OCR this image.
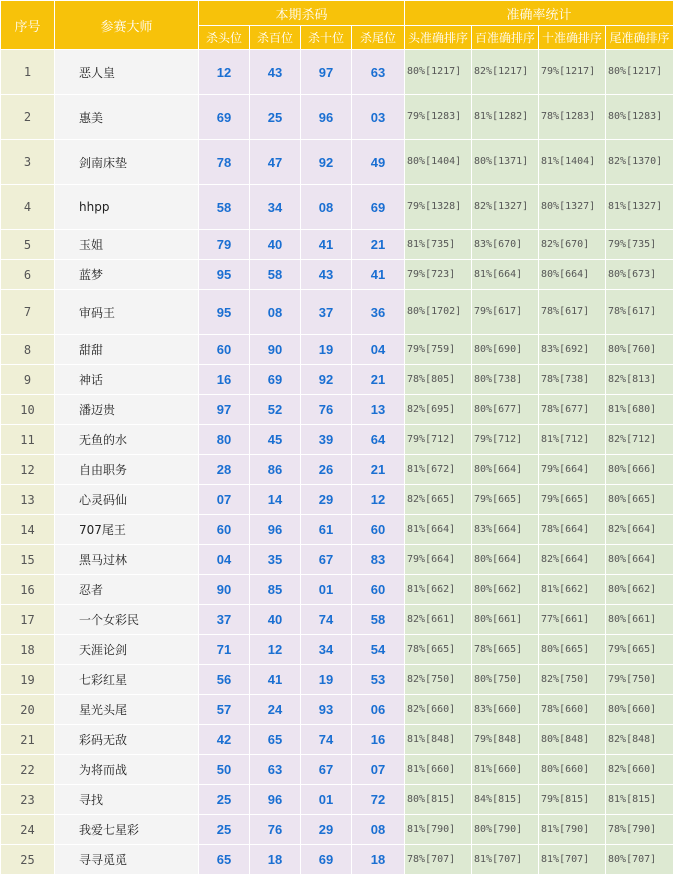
序号	参赛大师	本期杀码				准确率统计			
		杀头位	杀百位	杀十位	杀尾位	头准确排序	百准确排序	十准确排序	尾准确排序
1	恶人皇	12	43	97	63	80%[1217]	82%[1217]	79%[1217]	80%[1217]
2	惠美	69	25	96	03	79%[1283]	81%[1282]	78%[1283]	80%[1283]
3	剑南床垫	78	47	92	49	80%[1404]	80%[1371]	81%[1404]	82%[1370]
4	hhpp	58	34	08	69	79%[1328]	82%[1327]	80%[1327]	81%[1327]
5	玉姐	79	40	41	21	81%[735]	83%[670]	82%[670]	79%[735]
6	蓝梦	95	58	43	41	79%[723]	81%[664]	80%[664]	80%[673]
7	审码王	95	08	37	36	80%[1702]	79%[617]	78%[617]	78%[617]
8	甜甜	60	90	19	04	79%[759]	80%[690]	83%[692]	80%[760]
9	神话	16	69	92	21	78%[805]	80%[738]	78%[738]	82%[813]
10	潘迈贵	97	52	76	13	82%[695]	80%[677]	78%[677]	81%[680]
11	无鱼的水	80	45	39	64	79%[712]	79%[712]	81%[712]	82%[712]
12	自由职务	28	86	26	21	81%[672]	80%[664]	79%[664]	80%[666]
13	心灵码仙	07	14	29	12	82%[665]	79%[665]	79%[665]	80%[665]
14	707尾王	60	96	61	60	81%[664]	83%[664]	78%[664]	82%[664]
15	黑马过林	04	35	67	83	79%[664]	80%[664]	82%[664]	80%[664]
16	忍者	90	85	01	60	81%[662]	80%[662]	81%[662]	80%[662]
17	一个女彩民	37	40	74	58	82%[661]	80%[661]	77%[661]	80%[661]
18	天涯论剑	71	12	34	54	78%[665]	78%[665]	80%[665]	79%[665]
19	七彩红星	56	41	19	53	82%[750]	80%[750]	82%[750]	79%[750]
20	星光头尾	57	24	93	06	82%[660]	83%[660]	78%[660]	80%[660]
21	彩码无敌	42	65	74	16	81%[848]	79%[848]	80%[848]	82%[848]
22	为将而战	50	63	67	07	81%[660]	81%[660]	80%[660]	82%[660]
23	寻找	25	96	01	72	80%[815]	84%[815]	79%[815]	81%[815]
24	我爱七星彩	25	76	29	08	81%[790]	80%[790]	81%[790]	78%[790]
25	寻寻觅觅	65	18	69	18	78%[707]	81%[707]	81%[707]	80%[707]
